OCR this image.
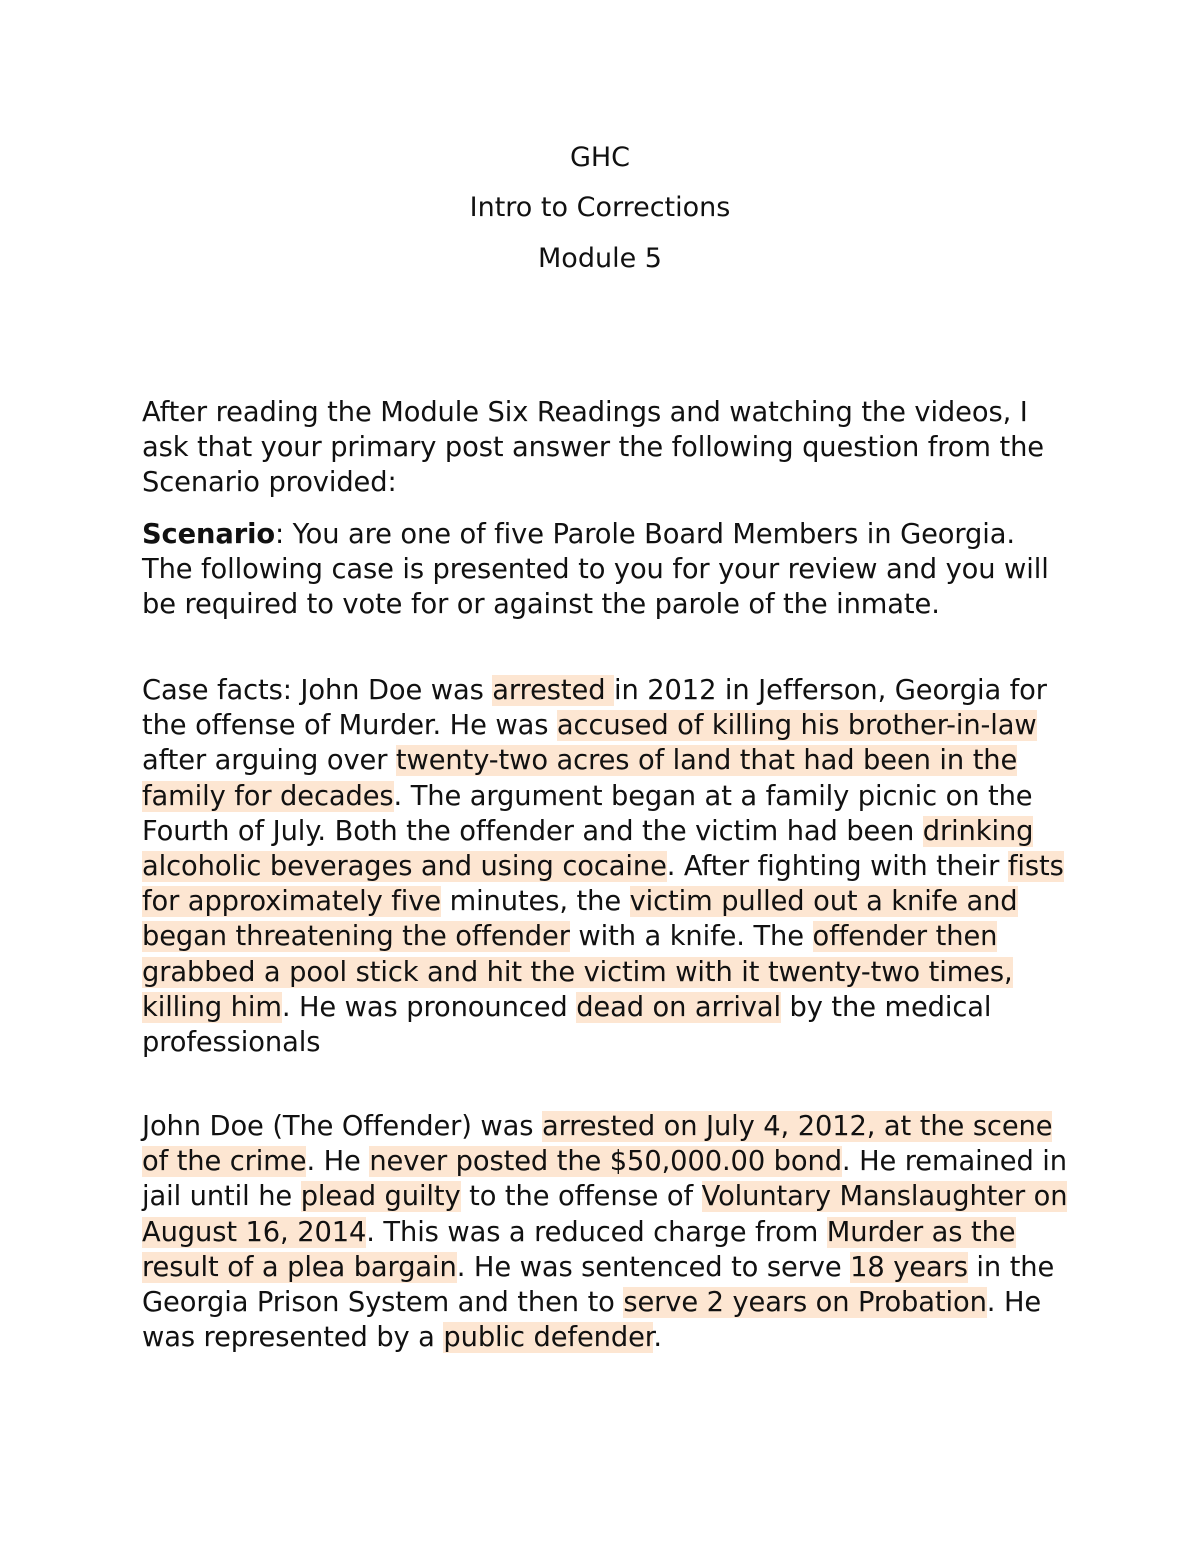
GHC
Intro to Corrections
Module 5

After reading the Module Six Readings and watching the videos, I ask that your primary post answer the following question from the Scenario provided:

Scenario: You are one of five Parole Board Members in Georgia. The following case is presented to you for your review and you will be required to vote for or against the parole of the inmate.

Case facts: John Doe was arrested in 2012 in Jefferson, Georgia for the offense of Murder. He was accused of killing his brother-in-law after arguing over twenty-two acres of land that had been in the family for decades. The argument began at a family picnic on the Fourth of July. Both the offender and the victim had been drinking alcoholic beverages and using cocaine. After fighting with their fists for approximately five minutes, the victim pulled out a knife and began threatening the offender with a knife. The offender then grabbed a pool stick and hit the victim with it twenty-two times, killing him. He was pronounced dead on arrival by the medical professionals

John Doe (The Offender) was arrested on July 4, 2012, at the scene of the crime. He never posted the $50,000.00 bond. He remained in jail until he plead guilty to the offense of Voluntary Manslaughter on August 16, 2014. This was a reduced charge from Murder as the result of a plea bargain. He was sentenced to serve 18 years in the Georgia Prison System and then to serve 2 years on Probation. He was represented by a public defender.
